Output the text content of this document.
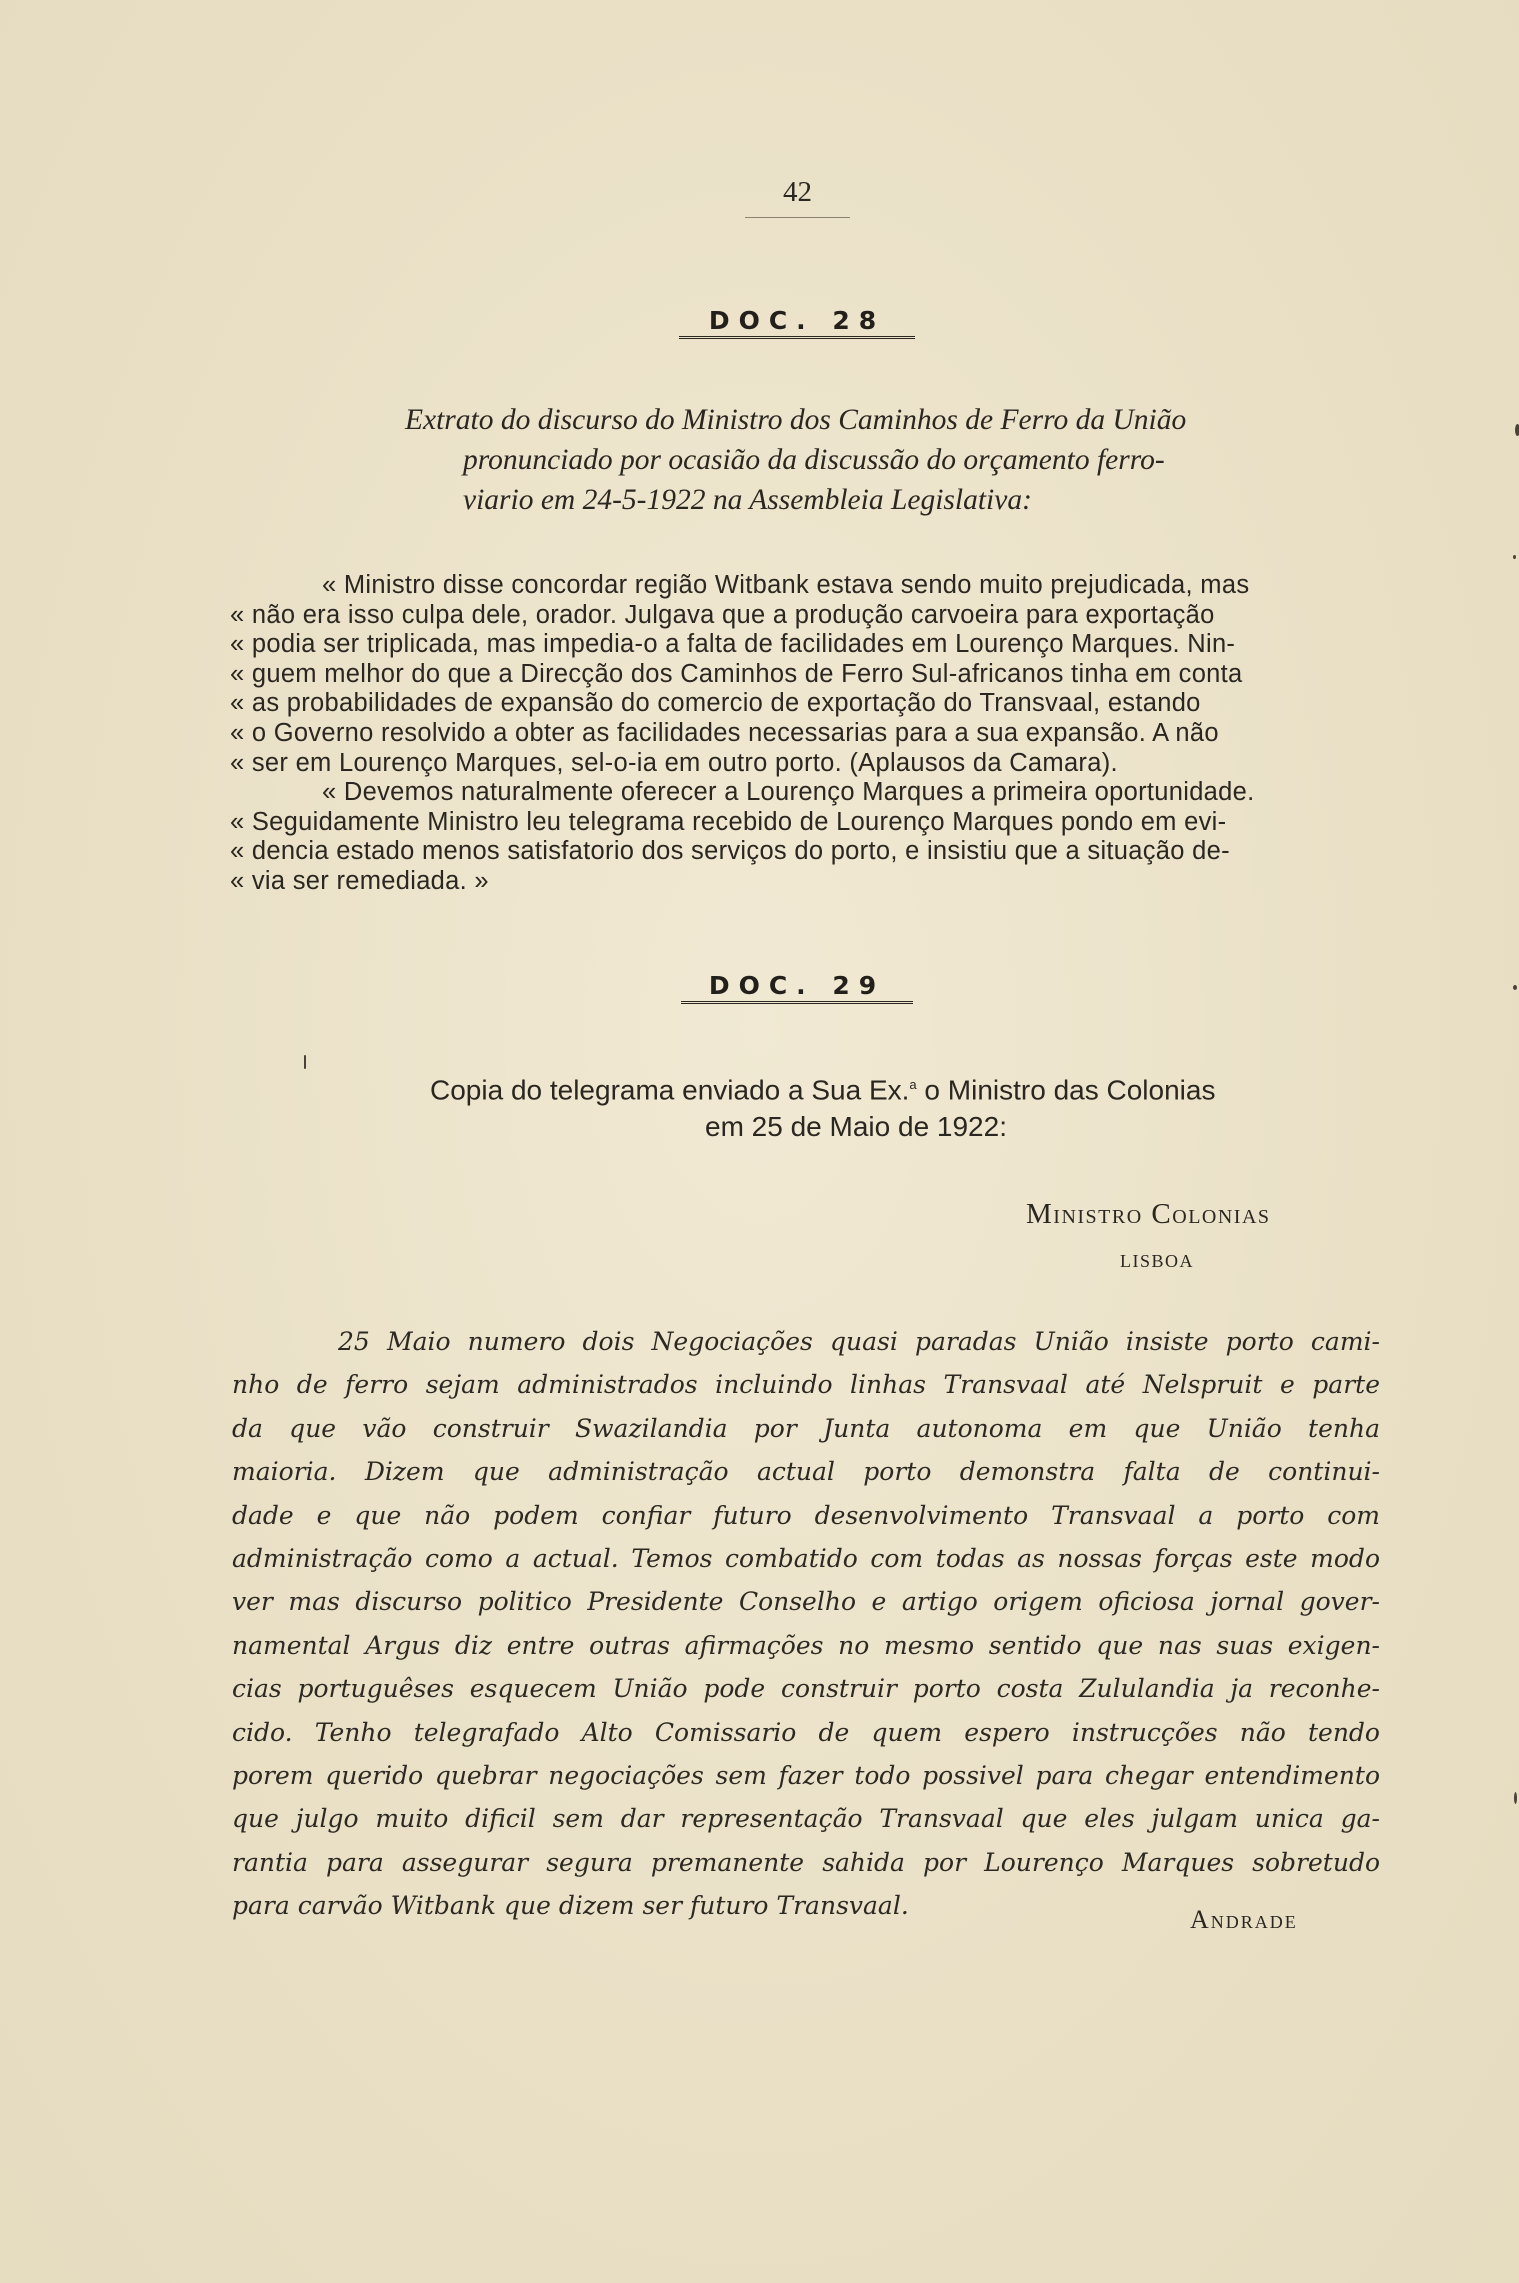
42
DOC. 28
Extrato do discurso do Ministro dos Caminhos de Ferro da União
pronunciado por ocasião da discussão do orçamento ferro-
viario em 24-5-1922 na Assembleia Legislativa:
« Ministro disse concordar região Witbank estava sendo muito prejudicada, mas
« não era isso culpa dele, orador. Julgava que a produção carvoeira para exportação
« podia ser triplicada, mas impedia-o a falta de facilidades em Lourenço Marques. Nin-
« guem melhor do que a Direcção dos Caminhos de Ferro Sul-africanos tinha em conta
« as probabilidades de expansão do comercio de exportação do Transvaal, estando
« o Governo resolvido a obter as facilidades necessarias para a sua expansão. A não
« ser em Lourenço Marques, sel-o-ia em outro porto. (Aplausos da Camara).
« Devemos naturalmente oferecer a Lourenço Marques a primeira oportunidade.
« Seguidamente Ministro leu telegrama recebido de Lourenço Marques pondo em evi-
« dencia estado menos satisfatorio dos serviços do porto, e insistiu que a situação de-
« via ser remediada. »
DOC. 29
Copia do telegrama enviado a Sua Ex.$^a$ o Ministro das Colonias
em 25 de Maio de 1922:
Ministro Colonias
LISBOA
25 Maio numero dois Negociações quasi paradas União insiste porto cami-
nho de ferro sejam administrados incluindo linhas Transvaal até Nelspruit e parte
da que vão construir Swazilandia por Junta autonoma em que União tenha
maioria. Dizem que administração actual porto demonstra falta de continui-
dade e que não podem confiar futuro desenvolvimento Transvaal a porto com
administração como a actual. Temos combatido com todas as nossas forças este modo
ver mas discurso politico Presidente Conselho e artigo origem oficiosa jornal gover-
namental Argus diz entre outras afirmações no mesmo sentido que nas suas exigen-
cias portuguêses esquecem União pode construir porto costa Zululandia ja reconhe-
cido. Tenho telegrafado Alto Comissario de quem espero instrucções não tendo
porem querido quebrar negociações sem fazer todo possivel para chegar entendimento
que julgo muito dificil sem dar representação Transvaal que eles julgam unica ga-
rantia para assegurar segura premanente sahida por Lourenço Marques sobretudo
para carvão Witbank que dizem ser futuro Transvaal.	Andrade
